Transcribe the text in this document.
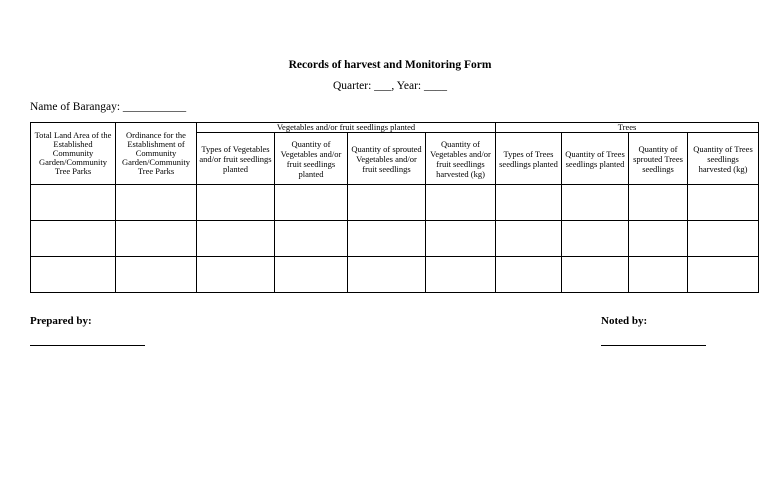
Records of harvest and Monitoring Form
Quarter: ___, Year: ____
Name of Barangay: ___________
Total Land Area of the Established Community Garden/Community Tree Parks	Ordinance for the Establishment of Community Garden/Community Tree Parks	Vegetables and/or fruit seedlings planted				Trees			
		Types of Vegetables and/or fruit seedlings planted	Quantity of Vegetables and/or fruit seedlings planted	Quantity of sprouted Vegetables and/or fruit seedlings	Quantity of Vegetables and/or fruit seedlings harvested (kg)	Types of Trees seedlings planted	Quantity of Trees seedlings planted	Quantity of sprouted Trees seedlings	Quantity of Trees seedlings harvested (kg)

Prepared by:	Noted by:
